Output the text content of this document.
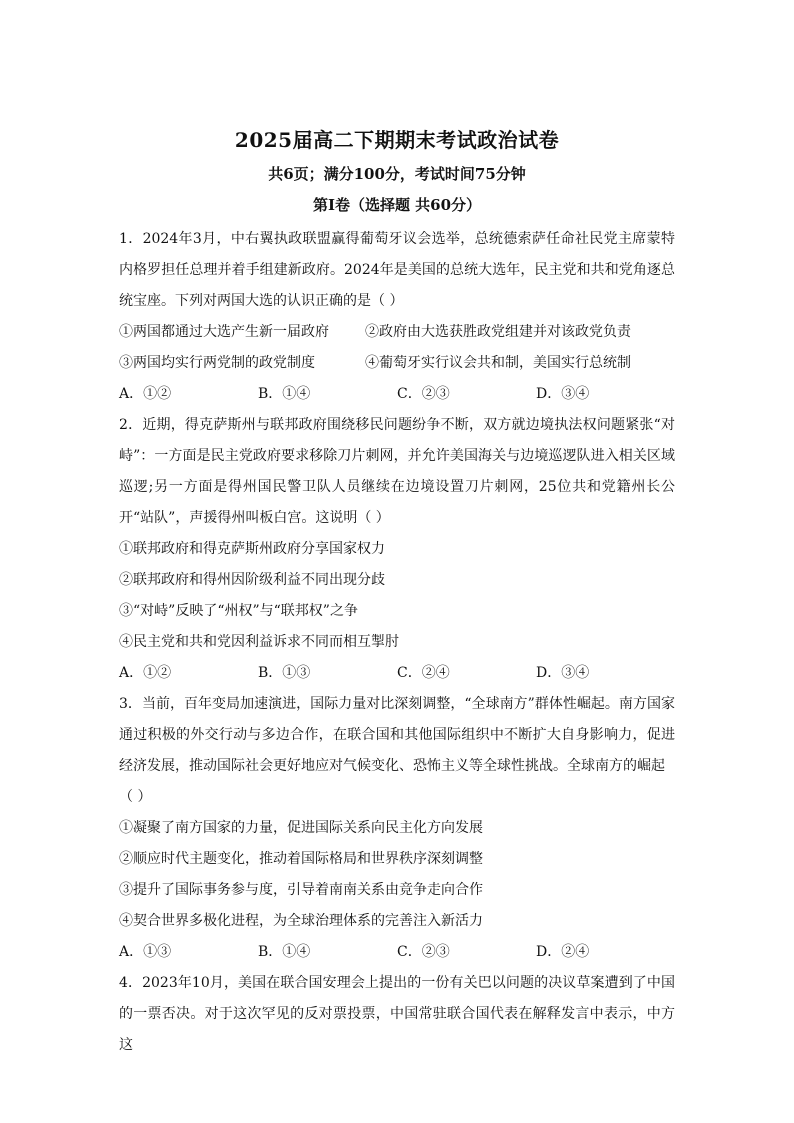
2025届高二下期期末考试政治试卷
共6页；满分100分，考试时间75分钟
第I卷（选择题 共60分）
1．2024年3月，中右翼执政联盟赢得葡萄牙议会选举，总统德索萨任命社民党主席蒙特内格罗担任总理并着手组建新政府。2024年是美国的总统大选年，民主党和共和党角逐总统宝座。下列对两国大选的认识正确的是（ ）
①两国都通过大选产生新一届政府	②政府由大选获胜政党组建并对该政党负责
③两国均实行两党制的政党制度	④葡萄牙实行议会共和制，美国实行总统制
A．①②	B．①④	C．②③	D．③④
2．近期，得克萨斯州与联邦政府围绕移民问题纷争不断，双方就边境执法权问题紧张“对峙”：一方面是民主党政府要求移除刀片刺网，并允许美国海关与边境巡逻队进入相关区域巡逻;另一方面是得州国民警卫队人员继续在边境设置刀片刺网，25位共和党籍州长公开“站队”，声援得州叫板白宫。这说明（ ）
①联邦政府和得克萨斯州政府分享国家权力
②联邦政府和得州因阶级利益不同出现分歧
③“对峙”反映了“州权”与“联邦权”之争
④民主党和共和党因利益诉求不同而相互掣肘
A．①②	B．①③	C．②④	D．③④
3．当前，百年变局加速演进，国际力量对比深刻调整，“全球南方”群体性崛起。南方国家通过积极的外交行动与多边合作，在联合国和其他国际组织中不断扩大自身影响力，促进经济发展，推动国际社会更好地应对气候变化、恐怖主义等全球性挑战。全球南方的崛起
（ ）
①凝聚了南方国家的力量，促进国际关系向民主化方向发展
②顺应时代主题变化，推动着国际格局和世界秩序深刻调整
③提升了国际事务参与度，引导着南南关系由竞争走向合作
④契合世界多极化进程，为全球治理体系的完善注入新活力
A．①③	B．①④	C．②③	D．②④
4．2023年10月，美国在联合国安理会上提出的一份有关巴以问题的决议草案遭到了中国的一票否决。对于这次罕见的反对票投票，中国常驻联合国代表在解释发言中表示，中方这
